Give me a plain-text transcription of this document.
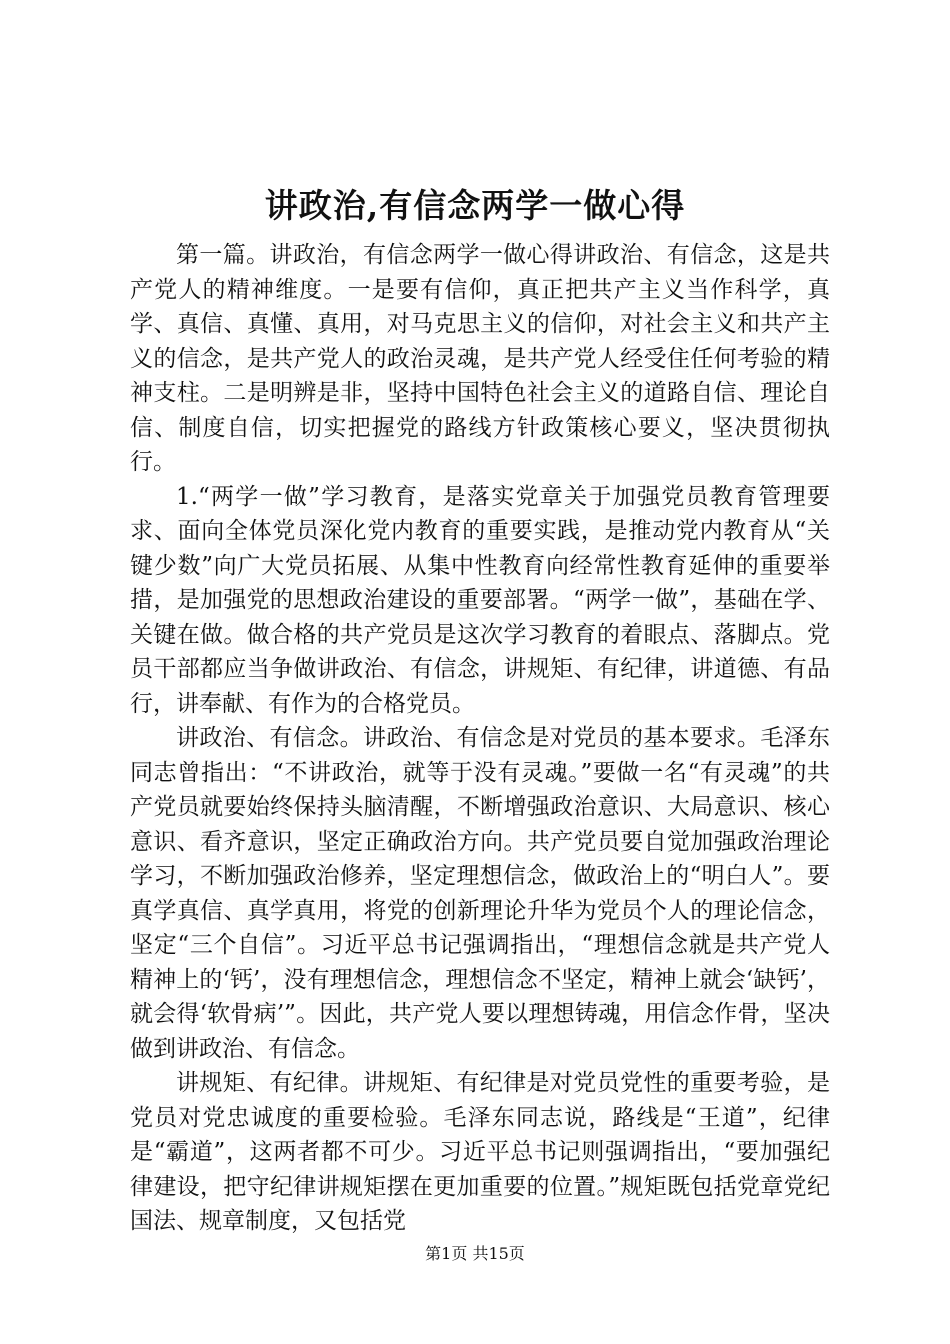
讲政治,有信念两学一做心得

第一篇。讲政治，有信念两学一做心得讲政治、有信念，这是共产党人的精神维度。一是要有信仰，真正把共产主义当作科学，真学、真信、真懂、真用，对马克思主义的信仰，对社会主义和共产主义的信念，是共产党人的政治灵魂，是共产党人经受住任何考验的精神支柱。二是明辨是非，坚持中国特色社会主义的道路自信、理论自信、制度自信，切实把握党的路线方针政策核心要义，坚决贯彻执行。

1.“两学一做”学习教育，是落实党章关于加强党员教育管理要求、面向全体党员深化党内教育的重要实践，是推动党内教育从“关键少数”向广大党员拓展、从集中性教育向经常性教育延伸的重要举措，是加强党的思想政治建设的重要部署。“两学一做”，基础在学、关键在做。做合格的共产党员是这次学习教育的着眼点、落脚点。党员干部都应当争做讲政治、有信念，讲规矩、有纪律，讲道德、有品行，讲奉献、有作为的合格党员。

讲政治、有信念。讲政治、有信念是对党员的基本要求。毛泽东同志曾指出：“不讲政治，就等于没有灵魂。”要做一名“有灵魂”的共产党员就要始终保持头脑清醒，不断增强政治意识、大局意识、核心意识、看齐意识，坚定正确政治方向。共产党员要自觉加强政治理论学习，不断加强政治修养，坚定理想信念，做政治上的“明白人”。要真学真信、真学真用，将党的创新理论升华为党员个人的理论信念，坚定“三个自信”。习近平总书记强调指出，“理想信念就是共产党人精神上的‘钙’，没有理想信念，理想信念不坚定，精神上就会‘缺钙’，就会得‘软骨病’”。因此，共产党人要以理想铸魂，用信念作骨，坚决做到讲政治、有信念。

讲规矩、有纪律。讲规矩、有纪律是对党员党性的重要考验，是党员对党忠诚度的重要检验。毛泽东同志说，路线是“王道”，纪律是“霸道”，这两者都不可少。习近平总书记则强调指出，“要加强纪律建设，把守纪律讲规矩摆在更加重要的位置。”规矩既包括党章党纪国法、规章制度，又包括党

第1页 共15页
